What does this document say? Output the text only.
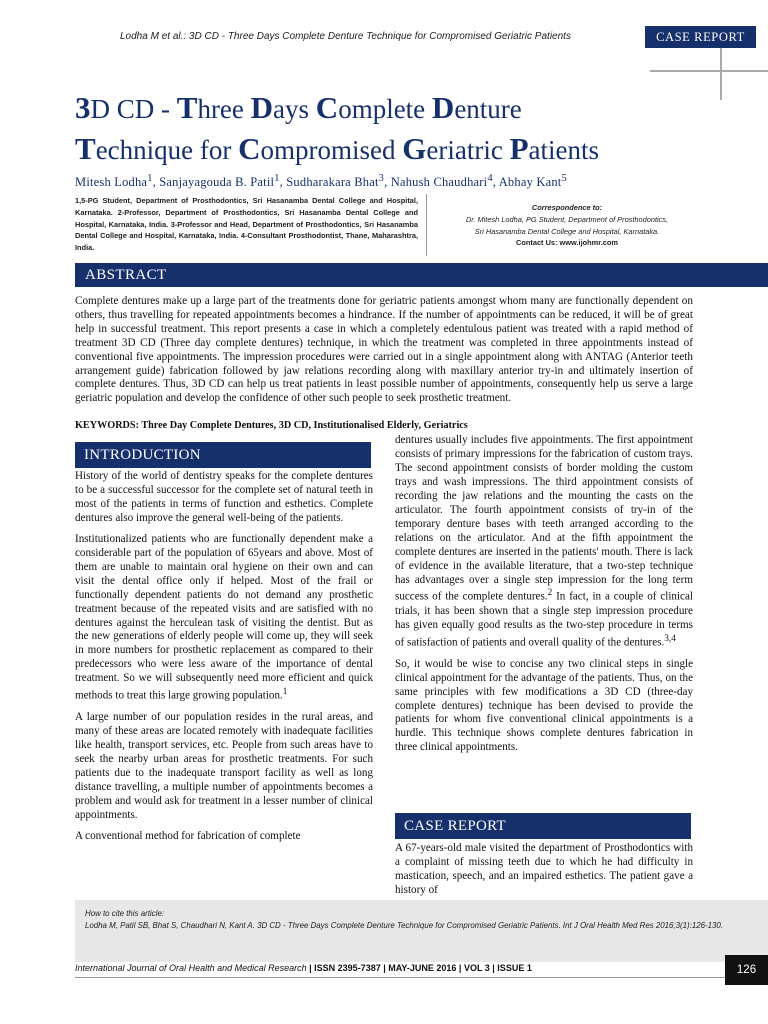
Lodha M et al.: 3D CD - Three Days Complete Denture Technique for Compromised Geriatric Patients	CASE REPORT
3D CD - Three Days Complete Denture
Technique for Compromised Geriatric Patients
Mitesh Lodha$^1$, Sanjayagouda B. Patil$^1$, Sudharakara Bhat$^3$, Nahush Chaudhari$^4$, Abhay Kant$^5$
1,5-PG Student, Department of Prosthodontics, Sri Hasanamba Dental College and Hospital, Karnataka. 2-Professor, Department of Prosthodontics, Sri Hasanamba Dental College and Hospital, Karnataka, India. 3-Professor and Head, Department of Prosthodontics, Sri Hasanamba Dental College and Hospital, Karnataka, India. 4-Consultant Prosthodontist, Thane, Maharashtra, India.
Correspondence to:
Dr. Mitesh Lodha, PG Student, Department of Prosthodontics,
Sri Hasanamba Dental College and Hospital, Karnataka.
Contact Us: www.ijohmr.com
ABSTRACT
Complete dentures make up a large part of the treatments done for geriatric patients amongst whom many are functionally dependent on others, thus travelling for repeated appointments becomes a hindrance. If the number of appointments can be reduced, it will be of great help in successful treatment. This report presents a case in which a completely edentulous patient was treated with a rapid method of treatment 3D CD (Three day complete dentures) technique, in which the treatment was completed in three appointments instead of conventional five appointments. The impression procedures were carried out in a single appointment along with ANTAG (Anterior teeth arrangement guide) fabrication followed by jaw relations recording along with maxillary anterior try-in and ultimately insertion of complete dentures. Thus, 3D CD can help us treat patients in least possible number of appointments, consequently help us serve a large geriatric population and develop the confidence of other such people to seek prosthetic treatment.
KEYWORDS: Three Day Complete Dentures, 3D CD, Institutionalised Elderly, Geriatrics
INTRODUCTION

History of the world of dentistry speaks for the complete dentures to be a successful successor for the complete set of natural teeth in most of the patients in terms of function and esthetics. Complete dentures also improve the general well-being of the patients.

Institutionalized patients who are functionally dependent make a considerable part of the population of 65years and above. Most of them are unable to maintain oral hygiene on their own and can visit the dental office only if helped. Most of the frail or functionally dependent patients do not demand any prosthetic treatment because of the repeated visits and are satisfied with no dentures against the herculean task of visiting the dentist. But as the new generations of elderly people will come up, they will seek in more numbers for prosthetic replacement as compared to their predecessors who were less aware of the importance of dental treatment. So we will subsequently need more efficient and quick methods to treat this large growing population.$^1$

A large number of our population resides in the rural areas, and many of these areas are located remotely with inadequate facilities like health, transport services, etc. People from such areas have to seek the nearby urban areas for prosthetic treatments. For such patients due to the inadequate transport facility as well as long distance travelling, a multiple number of appointments becomes a problem and would ask for treatment in a lesser number of clinical appointments.

A conventional method for fabrication of complete

dentures usually includes five appointments. The first appointment consists of primary impressions for the fabrication of custom trays. The second appointment consists of border molding the custom trays and wash impressions. The third appointment consists of recording the jaw relations and the mounting the casts on the articulator. The fourth appointment consists of try-in of the temporary denture bases with teeth arranged according to the relations on the articulator. And at the fifth appointment the complete dentures are inserted in the patients' mouth. There is lack of evidence in the available literature, that a two-step technique has advantages over a single step impression for the long term success of the complete dentures.$^2$ In fact, in a couple of clinical trials, it has been shown that a single step impression procedure has given equally good results as the two-step procedure in terms of satisfaction of patients and overall quality of the dentures.$^{3,4}$

So, it would be wise to concise any two clinical steps in single clinical appointment for the advantage of the patients. Thus, on the same principles with few modifications a 3D CD (three-day complete dentures) technique has been devised to provide the patients for whom five conventional clinical appointments is a hurdle. This technique shows complete dentures fabrication in three clinical appointments.

CASE REPORT

A 67-years-old male visited the department of Prosthodontics with a complaint of missing teeth due to which he had difficulty in mastication, speech, and an impaired esthetics. The patient gave a history of

How to cite this article:
Lodha M, Patil SB, Bhat S, Chaudhari N, Kant A. 3D CD - Three Days Complete Denture Technique for Compromised Geriatric Patients. Int J Oral Health Med Res 2016;3(1):126-130.
International Journal of Oral Health and Medical Research | ISSN 2395-7387 | MAY-JUNE 2016 | VOL 3 | ISSUE 1	126
